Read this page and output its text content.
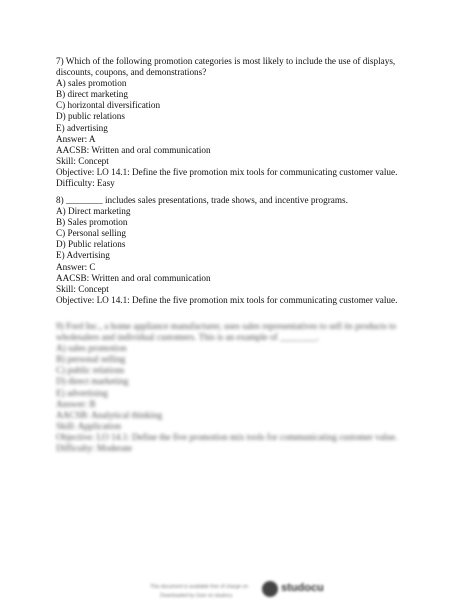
7) Which of the following promotion categories is most likely to include the use of displays, discounts, coupons, and demonstrations?
A) sales promotion
B) direct marketing
C) horizontal diversification
D) public relations
E) advertising
Answer: A
AACSB: Written and oral communication
Skill: Concept
Objective: LO 14.1: Define the five promotion mix tools for communicating customer value.
Difficulty: Easy
8) ________ includes sales presentations, trade shows, and incentive programs.
A) Direct marketing
B) Sales promotion
C) Personal selling
D) Public relations
E) Advertising
Answer: C
AACSB: Written and oral communication
Skill: Concept
Objective: LO 14.1: Define the five promotion mix tools for communicating customer value.
9) Ford Inc., a home appliance manufacturer, uses sales representatives to sell its products to wholesalers and individual customers. This is an example of ________.
A) sales promotion
B) personal selling
C) public relations
D) direct marketing
E) advertising
Answer: B
AACSB: Analytical thinking
Skill: Application
Objective: LO 14.1: Define the five promotion mix tools for communicating customer value.
Difficulty: Moderate
This document is available free of charge on	studocu
Downloaded by User on studocu
